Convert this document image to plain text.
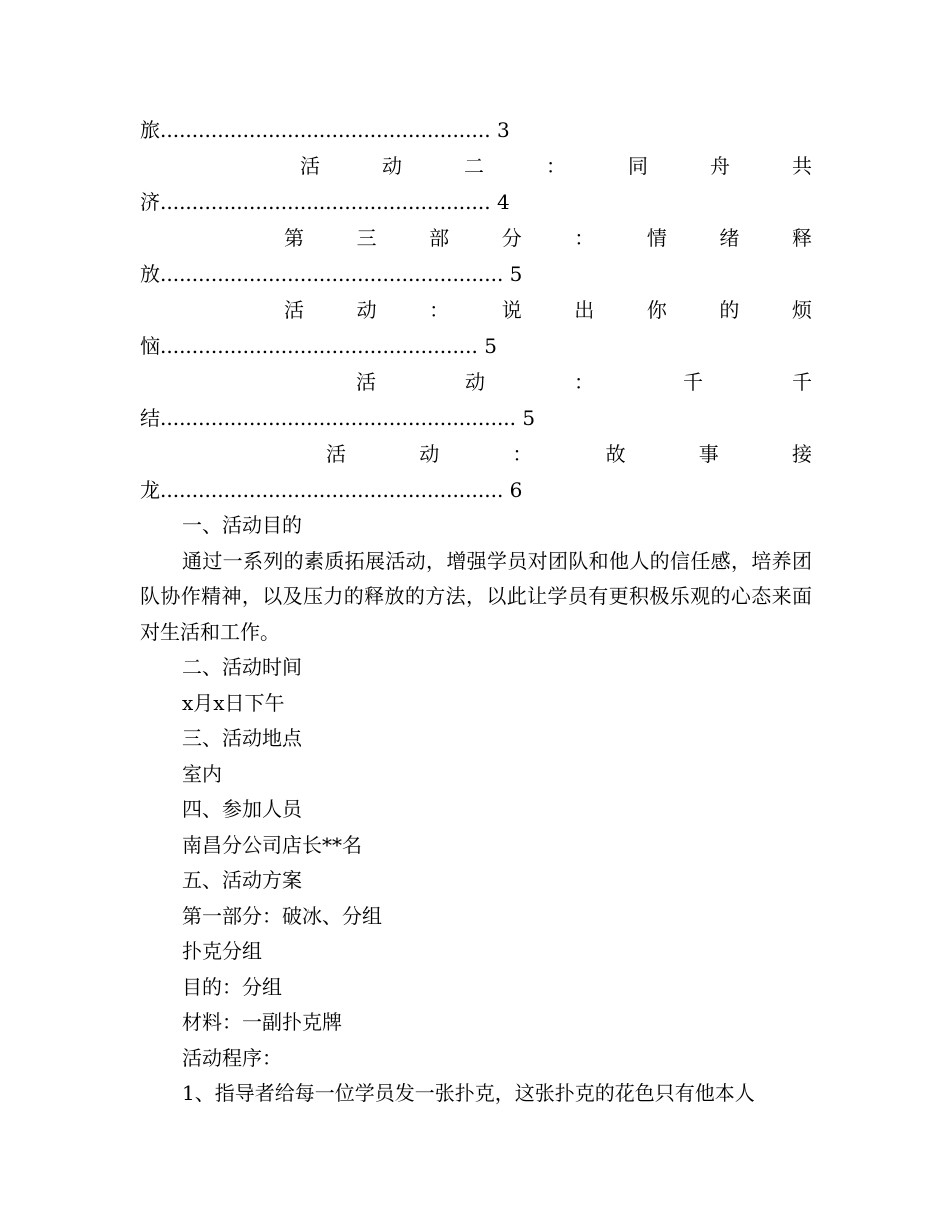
旅.................................................... 3
活	动	二	：	同	舟	共
济.................................................... 4
第	三	部	分	：	情	绪	释
放...................................................... 5
活	动	：	说	出	你	的	烦
恼.................................................. 5
活	动	：	千	千
结........................................................ 5
活	动	：	故	事	接
龙...................................................... 6
一、活动目的

通过一系列的素质拓展活动，增强学员对团队和他人的信任感，培养团队协作精神，以及压力的释放的方法，以此让学员有更积极乐观的心态来面对生活和工作。

二、活动时间
x月x日下午
三、活动地点
室内
四、参加人员
南昌分公司店长**名
五、活动方案
第一部分：破冰、分组
扑克分组
目的：分组
材料：一副扑克牌
活动程序：
1、指导者给每一位学员发一张扑克，这张扑克的花色只有他本人
